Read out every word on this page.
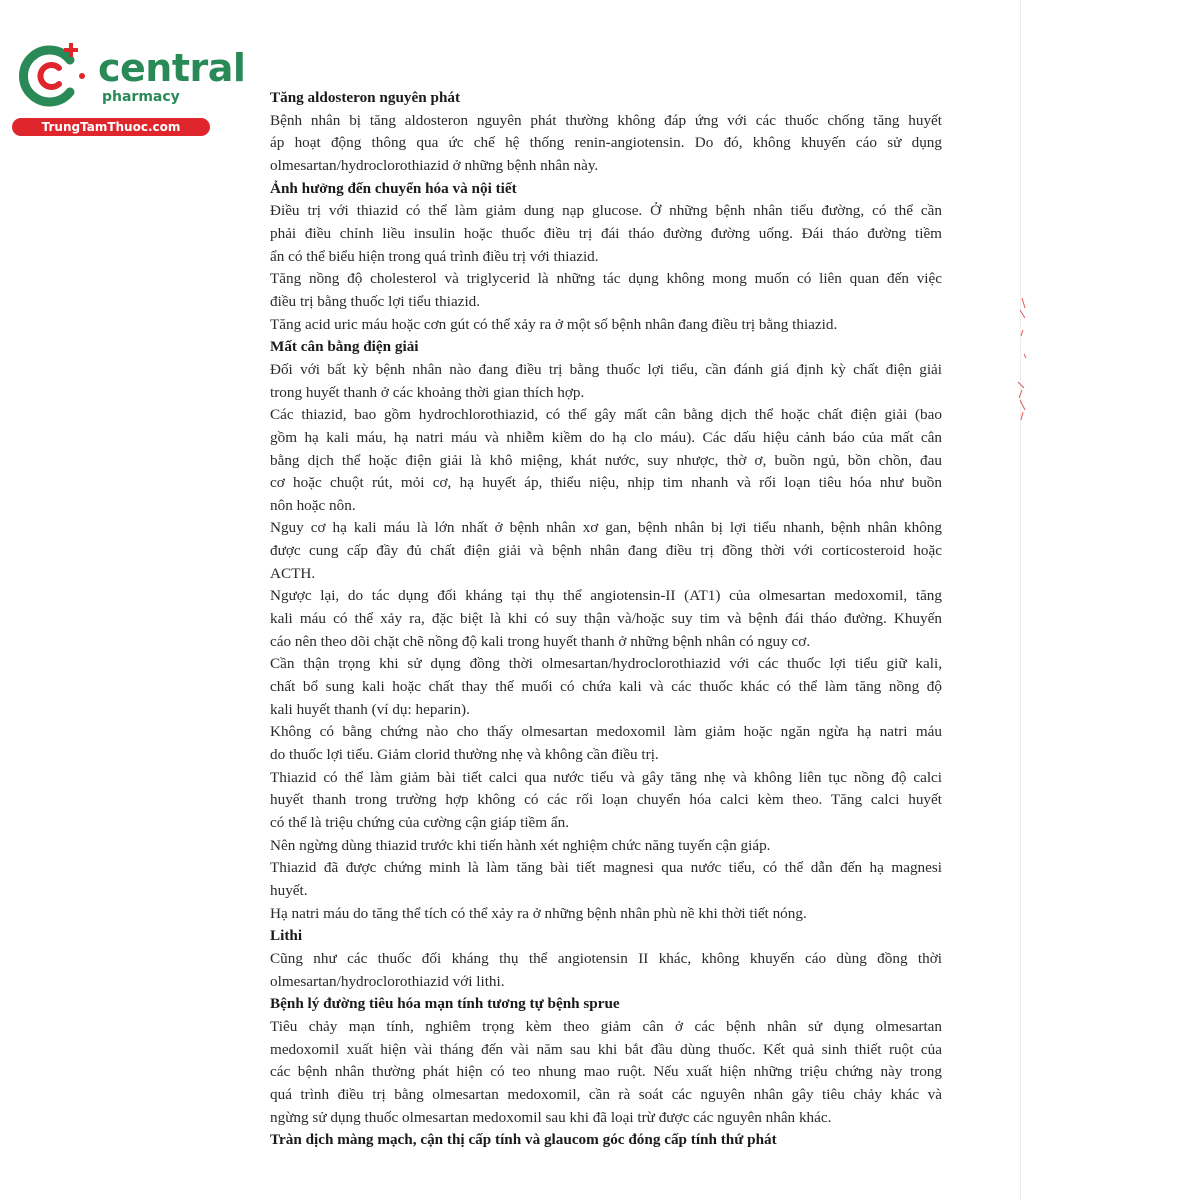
central
pharmacy
TrungTamThuoc.com
Tăng aldosteron nguyên phát
Bệnh nhân bị tăng aldosteron nguyên phát thường không đáp ứng với các thuốc chống tăng huyết
áp hoạt động thông qua ức chế hệ thống renin-angiotensin. Do đó, không khuyến cáo sử dụng
olmesartan/hydroclorothiazid ở những bệnh nhân này.
Ảnh hưởng đến chuyển hóa và nội tiết
Điều trị với thiazid có thể làm giảm dung nạp glucose. Ở những bệnh nhân tiểu đường, có thể cần
phải điều chỉnh liều insulin hoặc thuốc điều trị đái tháo đường đường uống. Đái tháo đường tiềm
ẩn có thể biểu hiện trong quá trình điều trị với thiazid.
Tăng nồng độ cholesterol và triglycerid là những tác dụng không mong muốn có liên quan đến việc
điều trị bằng thuốc lợi tiểu thiazid.
Tăng acid uric máu hoặc cơn gút có thể xảy ra ở một số bệnh nhân đang điều trị bằng thiazid.
Mất cân bằng điện giải
Đối với bất kỳ bệnh nhân nào đang điều trị bằng thuốc lợi tiểu, cần đánh giá định kỳ chất điện giải
trong huyết thanh ở các khoảng thời gian thích hợp.
Các thiazid, bao gồm hydrochlorothiazid, có thể gây mất cân bằng dịch thể hoặc chất điện giải (bao
gồm hạ kali máu, hạ natri máu và nhiễm kiềm do hạ clo máu). Các dấu hiệu cảnh báo của mất cân
bằng dịch thể hoặc điện giải là khô miệng, khát nước, suy nhược, thờ ơ, buồn ngủ, bồn chồn, đau
cơ hoặc chuột rút, mỏi cơ, hạ huyết áp, thiểu niệu, nhịp tim nhanh và rối loạn tiêu hóa như buồn
nôn hoặc nôn.
Nguy cơ hạ kali máu là lớn nhất ở bệnh nhân xơ gan, bệnh nhân bị lợi tiểu nhanh, bệnh nhân không
được cung cấp đầy đủ chất điện giải và bệnh nhân đang điều trị đồng thời với corticosteroid hoặc
ACTH.
Ngược lại, do tác dụng đối kháng tại thụ thể angiotensin-II (AT1) của olmesartan medoxomil, tăng
kali máu có thể xảy ra, đặc biệt là khi có suy thận và/hoặc suy tim và bệnh đái tháo đường. Khuyến
cáo nên theo dõi chặt chẽ nồng độ kali trong huyết thanh ở những bệnh nhân có nguy cơ.
Cần thận trọng khi sử dụng đồng thời olmesartan/hydroclorothiazid với các thuốc lợi tiểu giữ kali,
chất bổ sung kali hoặc chất thay thế muối có chứa kali và các thuốc khác có thể làm tăng nồng độ
kali huyết thanh (ví dụ: heparin).
Không có bằng chứng nào cho thấy olmesartan medoxomil làm giảm hoặc ngăn ngừa hạ natri máu
do thuốc lợi tiểu. Giảm clorid thường nhẹ và không cần điều trị.
Thiazid có thể làm giảm bài tiết calci qua nước tiểu và gây tăng nhẹ và không liên tục nồng độ calci
huyết thanh trong trường hợp không có các rối loạn chuyển hóa calci kèm theo. Tăng calci huyết
có thể là triệu chứng của cường cận giáp tiềm ẩn.
Nên ngừng dùng thiazid trước khi tiến hành xét nghiệm chức năng tuyến cận giáp.
Thiazid đã được chứng minh là làm tăng bài tiết magnesi qua nước tiểu, có thể dẫn đến hạ magnesi
huyết.
Hạ natri máu do tăng thể tích có thể xảy ra ở những bệnh nhân phù nề khi thời tiết nóng.
Lithi
Cũng như các thuốc đối kháng thụ thể angiotensin II khác, không khuyến cáo dùng đồng thời
olmesartan/hydroclorothiazid với lithi.
Bệnh lý đường tiêu hóa mạn tính tương tự bệnh sprue
Tiêu chảy mạn tính, nghiêm trọng kèm theo giảm cân ở các bệnh nhân sử dụng olmesartan
medoxomil xuất hiện vài tháng đến vài năm sau khi bắt đầu dùng thuốc. Kết quả sinh thiết ruột của
các bệnh nhân thường phát hiện có teo nhung mao ruột. Nếu xuất hiện những triệu chứng này trong
quá trình điều trị bằng olmesartan medoxomil, cần rà soát các nguyên nhân gây tiêu chảy khác và
ngừng sử dụng thuốc olmesartan medoxomil sau khi đã loại trừ được các nguyên nhân khác.
Tràn dịch màng mạch, cận thị cấp tính và glaucom góc đóng cấp tính thứ phát
